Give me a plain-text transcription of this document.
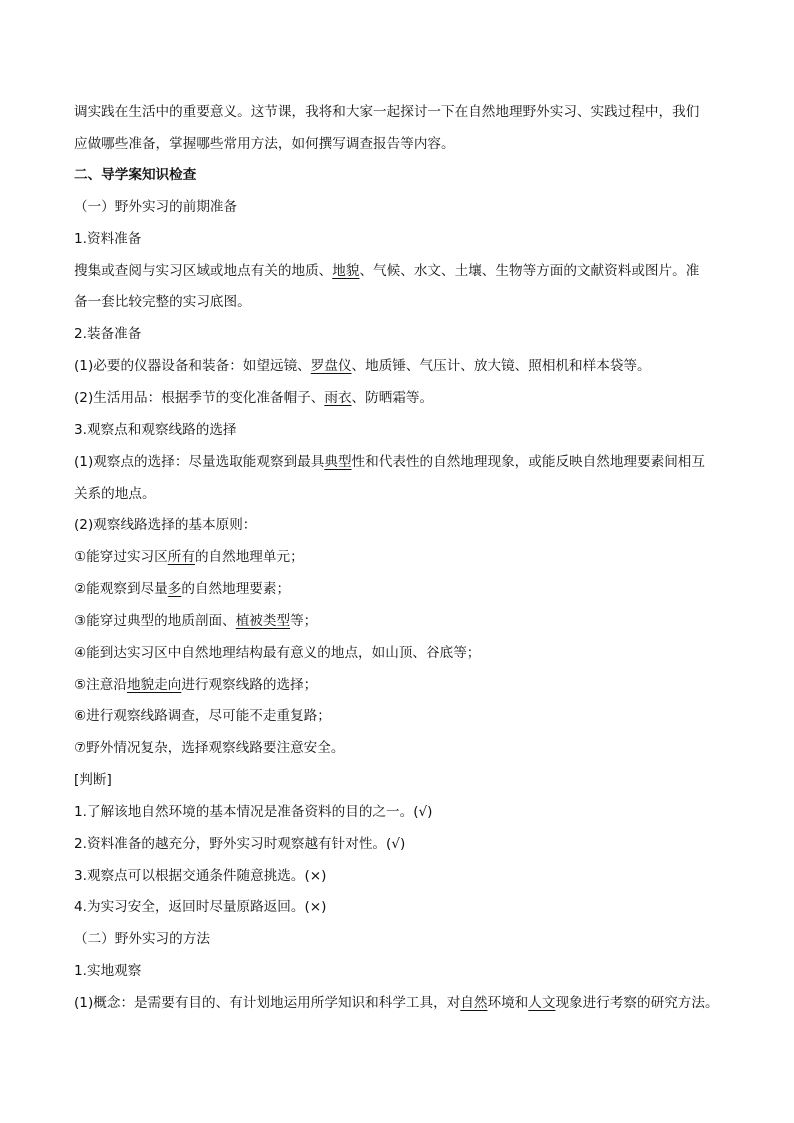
调实践在生活中的重要意义。这节课，我将和大家一起探讨一下在自然地理野外实习、实践过程中，我们
应做哪些准备，掌握哪些常用方法，如何撰写调查报告等内容。
二、导学案知识检查
（一）野外实习的前期准备
1.资料准备
搜集或查阅与实习区域或地点有关的地质、地貌、气候、水文、土壤、生物等方面的文献资料或图片。准
备一套比较完整的实习底图。
2.装备准备
(1)必要的仪器设备和装备：如望远镜、罗盘仪、地质锤、气压计、放大镜、照相机和样本袋等。
(2)生活用品：根据季节的变化准备帽子、雨衣、防晒霜等。
3.观察点和观察线路的选择
(1)观察点的选择：尽量选取能观察到最具典型性和代表性的自然地理现象，或能反映自然地理要素间相互
关系的地点。
(2)观察线路选择的基本原则：
①能穿过实习区所有的自然地理单元；
②能观察到尽量多的自然地理要素；
③能穿过典型的地质剖面、植被类型等；
④能到达实习区中自然地理结构最有意义的地点，如山顶、谷底等；
⑤注意沿地貌走向进行观察线路的选择；
⑥进行观察线路调查，尽可能不走重复路；
⑦野外情况复杂，选择观察线路要注意安全。
[判断]
1.了解该地自然环境的基本情况是准备资料的目的之一。(√)
2.资料准备的越充分，野外实习时观察越有针对性。(√)
3.观察点可以根据交通条件随意挑选。(×)
4.为实习安全，返回时尽量原路返回。(×)
（二）野外实习的方法
1.实地观察
(1)概念：是需要有目的、有计划地运用所学知识和科学工具，对自然环境和人文现象进行考察的研究方法。
